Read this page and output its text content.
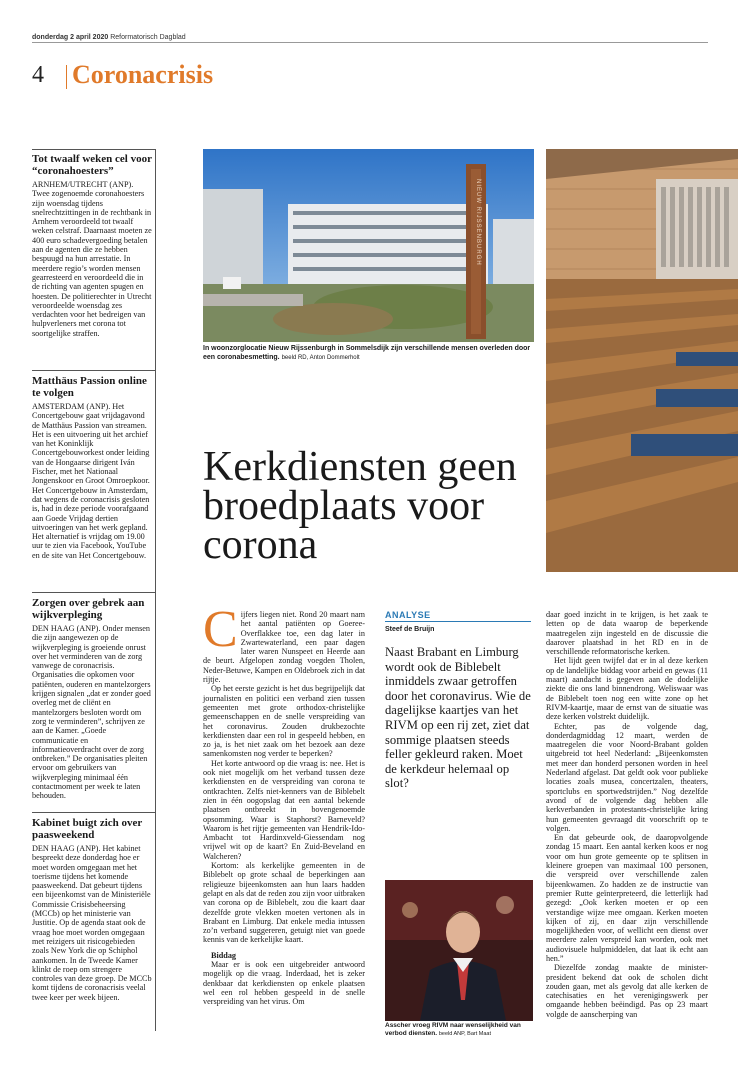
donderdag 2 april 2020 Reformatorisch Dagblad
4 Coronacrisis
Tot twaalf weken cel voor “coronahoesters”

ARNHEM/UTRECHT (ANP). Twee zogenoemde coronahoesters zijn woensdag tijdens snelrechtzittingen in de rechtbank in Arnhem veroordeeld tot twaalf weken celstraf. Daarnaast moeten ze 400 euro schadevergoeding betalen aan de agenten die ze hebben bespuugd na hun arrestatie. In meerdere regio’s worden mensen gearresteerd en veroordeeld die in de richting van agenten spugen en hoesten. De politierechter in Utrecht veroordeelde woensdag zes verdachten voor het bedreigen van hulpverleners met corona tot soortgelijke straffen.

Matthäus Passion online te volgen

AMSTERDAM (ANP). Het Concertgebouw gaat vrijdagavond de Matthäus Passion van streamen. Het is een uitvoering uit het archief van het Koninklijk Concertgebouworkest onder leiding van de Hongaarse dirigent Iván Fischer, met het Nationaal Jongenskoor en Groot Omroepkoor. Het Concertgebouw in Amsterdam, dat wegens de coronacrisis gesloten is, had in deze periode voorafgaand aan Goede Vrijdag dertien uitvoeringen van het werk gepland. Het alternatief is vrijdag om 19.00 uur te zien via Facebook, YouTube en de site van Het Concertgebouw.

Zorgen over gebrek aan wijkverpleging

DEN HAAG (ANP). Onder mensen die zijn aangewezen op de wijkverpleging is groeiende onrust over het verminderen van de zorg vanwege de coronacrisis. Organisaties die opkomen voor patiënten, ouderen en mantelzorgers krijgen signalen „dat er zonder goed overleg met de cliënt en mantelzorgers besloten wordt om zorg te verminderen”, schrijven ze aan de Kamer. „Goede communicatie en informatieoverdracht over de zorg ontbreken.” De organisaties pleiten ervoor om gebruikers van wijkverpleging minimaal één contactmoment per week te laten behouden.

Kabinet buigt zich over paasweekend

DEN HAAG (ANP). Het kabinet bespreekt deze donderdag hoe er moet worden omgegaan met het toerisme tijdens het komende paasweekend. Dat gebeurt tijdens een bijeenkomst van de Ministeriële Commissie Crisisbeheersing (MCCb) op het ministerie van Justitie. Op de agenda staat ook de vraag hoe moet worden omgegaan met reizigers uit risicogebieden zoals New York die op Schiphol aankomen. In de Tweede Kamer klinkt de roep om strengere controles van deze groep. De MCCb komt tijdens de coronacrisis veelal twee keer per week bijeen.

NIEUW RIJSSENBURGH
In woonzorglocatie Nieuw Rijssenburgh in Sommelsdijk zijn verschillende mensen overleden door een coronabesmetting. beeld RD, Anton Dommerholt
Kerkdiensten geen broedplaats voor corona
C ijfers liegen niet. Rond 20 maart nam het aantal patiënten op Goeree-Overflakkee toe, een dag later in Zwartewaterland, een paar dagen later waren Nunspeet en Heerde aan de beurt. Afgelopen zondag voegden Tholen, Neder-Betuwe, Kampen en Oldebroek zich in dat rijtje.

Op het eerste gezicht is het dus begrijpelijk dat journalisten en politici een verband zien tussen gemeenten met grote orthodox-christelijke gemeenschappen en de snelle verspreiding van het coronavirus. Zouden drukbezochte kerkdiensten daar een rol in gespeeld hebben, en zo ja, is het niet zaak om het bezoek aan deze samenkomsten nog verder te beperken?

Het korte antwoord op die vraag is: nee. Het is ook niet mogelijk om het verband tussen deze kerkdiensten en de verspreiding van corona te ontkrachten. Zelfs niet-kenners van de Biblebelt zien in één oogopslag dat een aantal bekende plaatsen ontbreekt in bovengenoemde opsomming. Waar is Staphorst? Barneveld? Waarom is het rijtje gemeenten van Hendrik-Ido-Ambacht tot Hardinxveld-Giessendam nog vrijwel wit op de kaart? En Zuid-Beveland en Walcheren?

Kortom: als kerkelijke gemeenten in de Biblebelt op grote schaal de beperkingen aan religieuze bijeenkomsten aan hun laars hadden gelapt en als dat de reden zou zijn voor uitbraken van corona op de Biblebelt, zou die kaart daar dezelfde grote vlekken moeten vertonen als in Brabant en Limburg. Dat enkele media intussen zo’n verband suggereren, getuigt niet van goede kennis van de kerkelijke kaart.

Biddag

Maar er is ook een uitgebreider antwoord mogelijk op die vraag. Inderdaad, het is zeker denkbaar dat kerkdiensten op enkele plaatsen wel een rol hebben gespeeld in de snelle verspreiding van het virus. Om

ANALYSE
Steef de Bruijn
Naast Brabant en Limburg wordt ook de Biblebelt inmiddels zwaar getroffen door het coronavirus. Wie de dagelijkse kaartjes van het RIVM op een rij zet, ziet dat sommige plaatsen steeds feller gekleurd raken. Moet de kerkdeur helemaal op slot?
Asscher vroeg RIVM naar wenselijkheid van verbod diensten. beeld ANP, Bart Maat

daar goed inzicht in te krijgen, is het zaak te letten op de data waarop de beperkende maatregelen zijn ingesteld en de discussie die daarover plaatshad in het RD en in de verschillende reformatorische kerken.

Het lijdt geen twijfel dat er in al deze kerken op de landelijke biddag voor arbeid en gewas (11 maart) aandacht is gegeven aan de dodelijke ziekte die ons land binnendrong. Weliswaar was de Biblebelt toen nog een witte zone op het RIVM-kaartje, maar de ernst van de situatie was deze kerken volstrekt duidelijk.

Echter, pas de volgende dag, donderdagmiddag 12 maart, werden de maatregelen die voor Noord-Brabant golden uitgebreid tot heel Nederland: „Bijeenkomsten met meer dan honderd personen worden in heel Nederland afgelast. Dat geldt ook voor publieke locaties zoals musea, concertzalen, theaters, sportclubs en sportwedstrijden.” Nog dezelfde avond of de volgende dag hebben alle kerkverbanden in protestants-christelijke kring hun gemeenten gevraagd dit voorschrift op te volgen.

En dat gebeurde ook, de daaropvolgende zondag 15 maart. Een aantal kerken koos er nog voor om hun grote gemeente op te splitsen in kleinere groepen van maximaal 100 personen, die verspreid over verschillende zalen bijeenkwamen. Zo hadden ze de instructie van premier Rutte geïnterpreteerd, die letterlijk had gezegd: „Ook kerken moeten er op een verstandige wijze mee omgaan. Kerken moeten kijken of zij, en daar zijn verschillende mogelijkheden voor, of wellicht een dienst over meerdere zalen verspreid kan worden, ook met audiovisuele hulpmiddelen, dat laat ik echt aan hen.”

Diezelfde zondag maakte de minister-president bekend dat ook de scholen dicht zouden gaan, met als gevolg dat alle kerken de catechisaties en het verenigingswerk per omgaande hebben beëindigd. Pas op 23 maart volgde de aanscherping van
